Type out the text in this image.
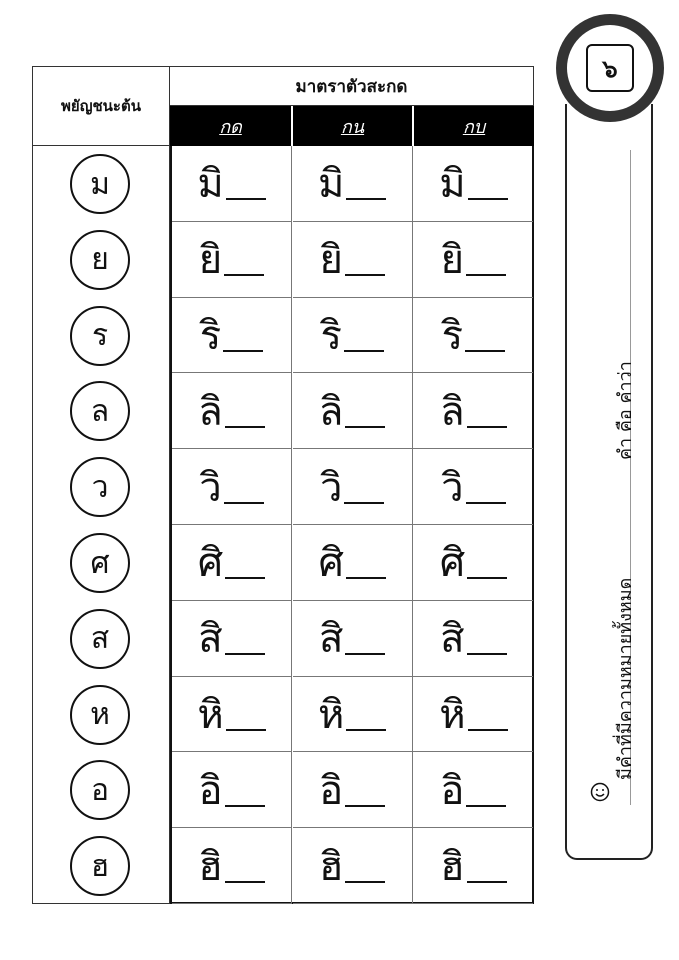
พยัญชนะต้น
มาตราตัวสะกด
กด	กน	กบ
ม
ย
ร
ล
ว
ศ
ส
ห
อ
ฮ
มิ มิ มิ
ยิ ยิ ยิ
ริ ริ ริ
ลิ ลิ ลิ
วิ วิ วิ
ศิ ศิ ศิ
สิ สิ สิ
หิ หิ หิ
อิ อิ อิ
ฮิ ฮิ ฮิ
มีคำที่มีความหมายทั้งหมด
คำ คือ คำว่า
๖
